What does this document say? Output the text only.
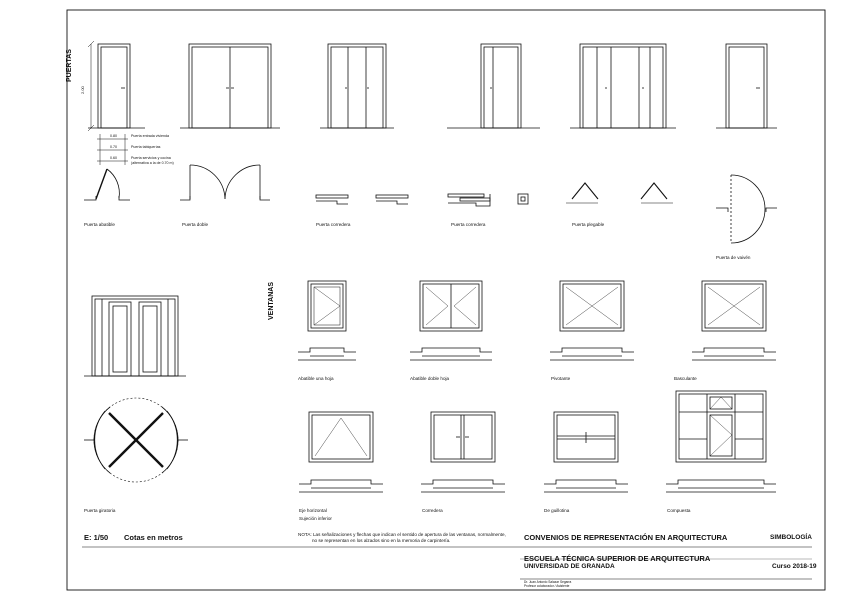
PUERTAS
VENTANAS
2.00
0.80	Puerta entrada vivienda
0.70	Puerta tabiquerías
0.60	Puerta servicios y cocina
(alternativa a la de 0.70 m)
Puerta abatible	Puerta doble	Puerta corredera	Puerta corredera	Puerta plegable
Puerta de vaivén
Puerta giratoria
Abatible una hoja	Abatible doble hoja	Pivotante	Basculante
Eje horizontal
Sujeción inferior
Corredera	De guillotina	Compuesta
E: 1/50 Cotas en metros	NOTA: Las señalizaciones y flechas que indican el sentido de apertura de las ventanas, normalmente,
no se representan en los alzados sino en la memoria de carpintería.	CONVENIOS DE REPRESENTACIÓN EN ARQUITECTURA	SIMBOLOGÍA
ESCUELA TÉCNICA SUPERIOR DE ARQUITECTURA
UNIVERSIDAD DE GRANADA	Curso 2018-19
Dr. Juan Antonio Salazar Segarra
Profesor colaborador / Asistente
